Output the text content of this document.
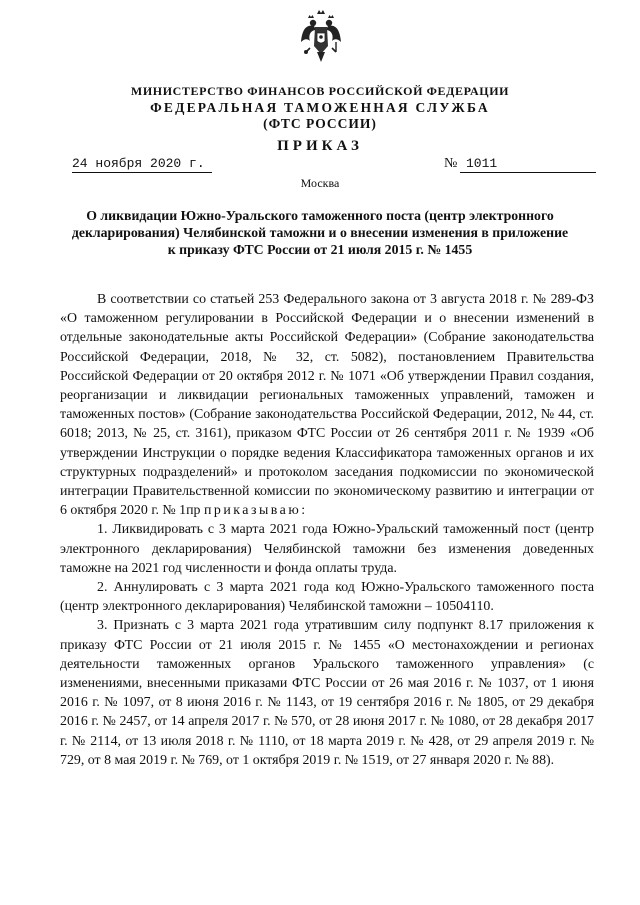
МИНИСТЕРСТВО ФИНАНСОВ РОССИЙСКОЙ ФЕДЕРАЦИИ
ФЕДЕРАЛЬНАЯ ТАМОЖЕННАЯ СЛУЖБА
(ФТС РОССИИ)
ПРИКАЗ
24 ноября 2020 г.	№ 1011
Москва
О ликвидации Южно-Уральского таможенного поста (центр электронного декларирования) Челябинской таможни и о внесении изменения в приложение к приказу ФТС России от 21 июля 2015 г. № 1455

В соответствии со статьей 253 Федерального закона от 3 августа 2018 г. № 289-ФЗ «О таможенном регулировании в Российской Федерации и о внесении изменений в отдельные законодательные акты Российской Федерации» (Собрание законодательства Российской Федерации, 2018, № 32, ст. 5082), постановлением Правительства Российской Федерации от 20 октября 2012 г. № 1071 «Об утверждении Правил создания, реорганизации и ликвидации региональных таможенных управлений, таможен и таможенных постов» (Собрание законодательства Российской Федерации, 2012, № 44, ст. 6018; 2013, № 25, ст. 3161), приказом ФТС России от 26 сентября 2011 г. № 1939 «Об утверждении Инструкции о порядке ведения Классификатора таможенных органов и их структурных подразделений» и протоколом заседания подкомиссии по экономической интеграции Правительственной комиссии по экономическому развитию и интеграции от 6 октября 2020 г. № 1пр приказываю:

1. Ликвидировать с 3 марта 2021 года Южно-Уральский таможенный пост (центр электронного декларирования) Челябинской таможни без изменения доведенных таможне на 2021 год численности и фонда оплаты труда.

2. Аннулировать с 3 марта 2021 года код Южно-Уральского таможенного поста (центр электронного декларирования) Челябинской таможни – 10504110.

3. Признать с 3 марта 2021 года утратившим силу подпункт 8.17 приложения к приказу ФТС России от 21 июля 2015 г. № 1455 «О местонахождении и регионах деятельности таможенных органов Уральского таможенного управления» (с изменениями, внесенными приказами ФТС России от 26 мая 2016 г. № 1037, от 1 июня 2016 г. № 1097, от 8 июня 2016 г. № 1143, от 19 сентября 2016 г. № 1805, от 29 декабря 2016 г. № 2457, от 14 апреля 2017 г. № 570, от 28 июня 2017 г. № 1080, от 28 декабря 2017 г. № 2114, от 13 июля 2018 г. № 1110, от 18 марта 2019 г. № 428, от 29 апреля 2019 г. № 729, от 8 мая 2019 г. № 769, от 1 октября 2019 г. № 1519, от 27 января 2020 г. № 88).
